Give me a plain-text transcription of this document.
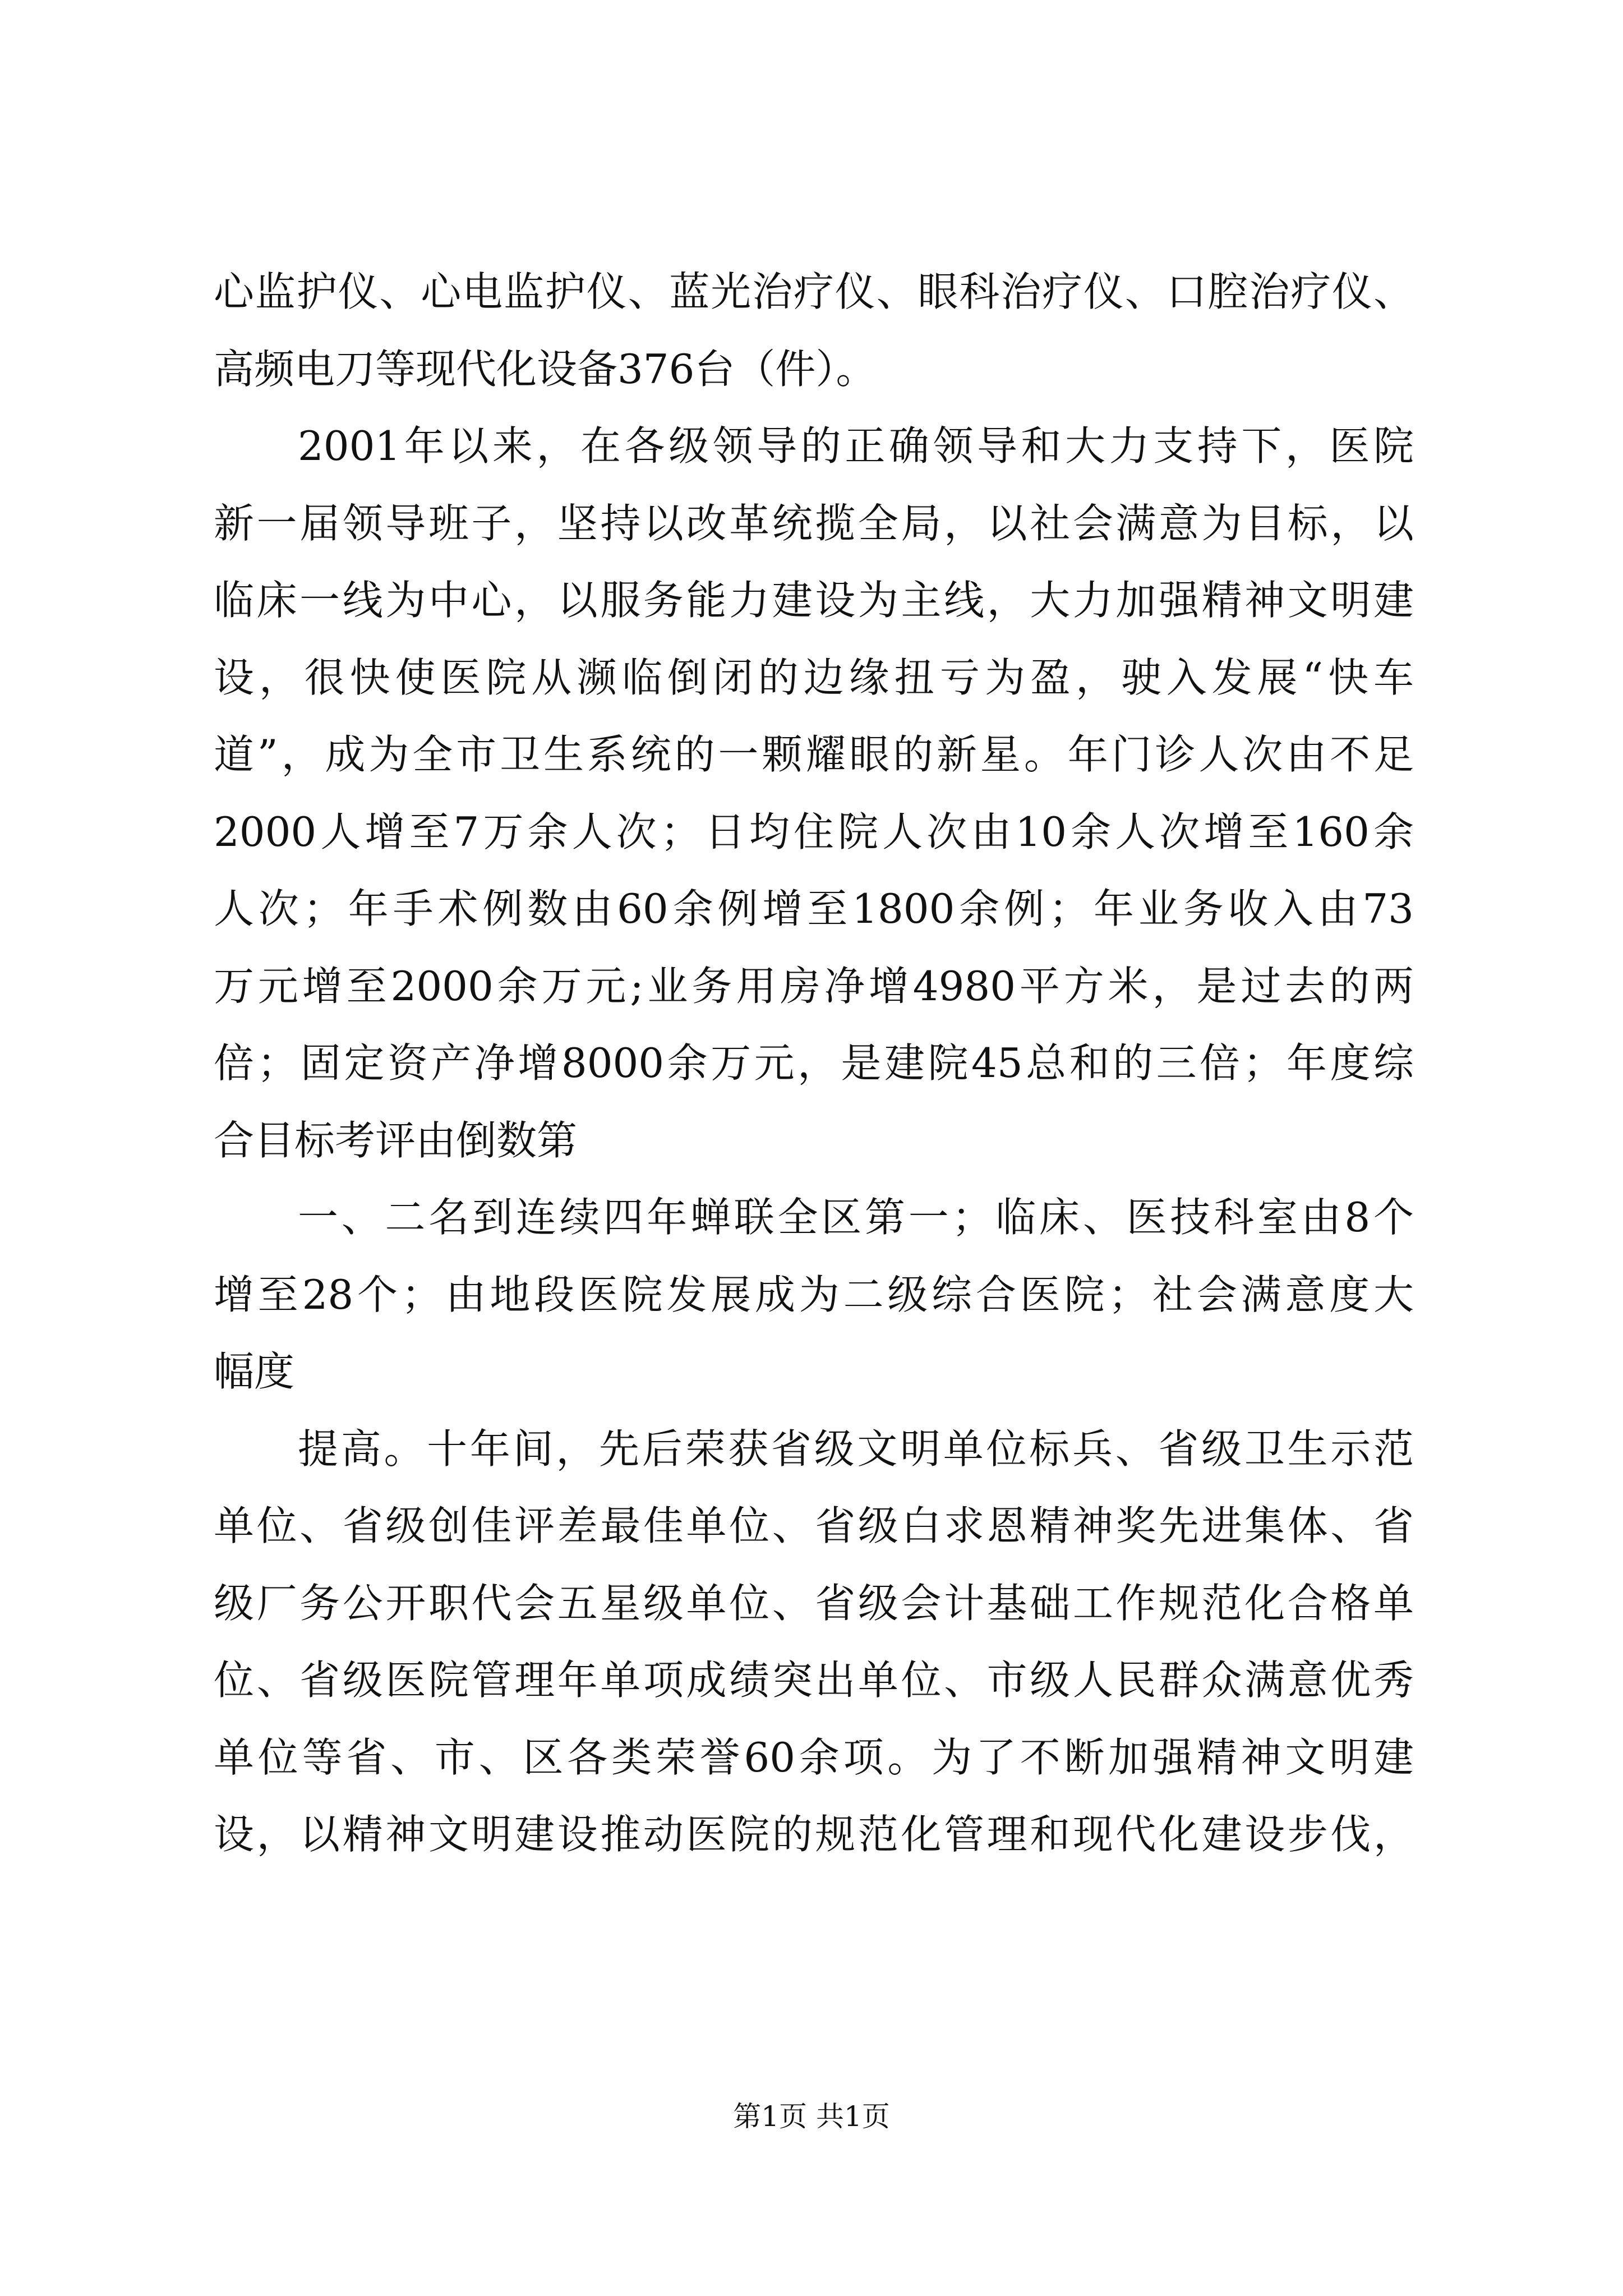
心监护仪、心电监护仪、蓝光治疗仪、眼科治疗仪、口腔治疗仪、
高频电刀等现代化设备376台（件）。
2001年以来，在各级领导的正确领导和大力支持下，医院
新一届领导班子，坚持以改革统揽全局，以社会满意为目标，以
临床一线为中心，以服务能力建设为主线，大力加强精神文明建
设，很快使医院从濒临倒闭的边缘扭亏为盈，驶入发展“快车
道”，成为全市卫生系统的一颗耀眼的新星。年门诊人次由不足
2000人增至7万余人次；日均住院人次由10余人次增至160余
人次；年手术例数由60余例增至1800余例；年业务收入由73
万元增至2000余万元;业务用房净增4980平方米，是过去的两
倍；固定资产净增8000余万元，是建院45总和的三倍；年度综
合目标考评由倒数第
一、二名到连续四年蝉联全区第一；临床、医技科室由8个
增至28个；由地段医院发展成为二级综合医院；社会满意度大
幅度
提高。十年间，先后荣获省级文明单位标兵、省级卫生示范
单位、省级创佳评差最佳单位、省级白求恩精神奖先进集体、省
级厂务公开职代会五星级单位、省级会计基础工作规范化合格单
位、省级医院管理年单项成绩突出单位、市级人民群众满意优秀
单位等省、市、区各类荣誉60余项。为了不断加强精神文明建
设，以精神文明建设推动医院的规范化管理和现代化建设步伐，
第1页 共1页
